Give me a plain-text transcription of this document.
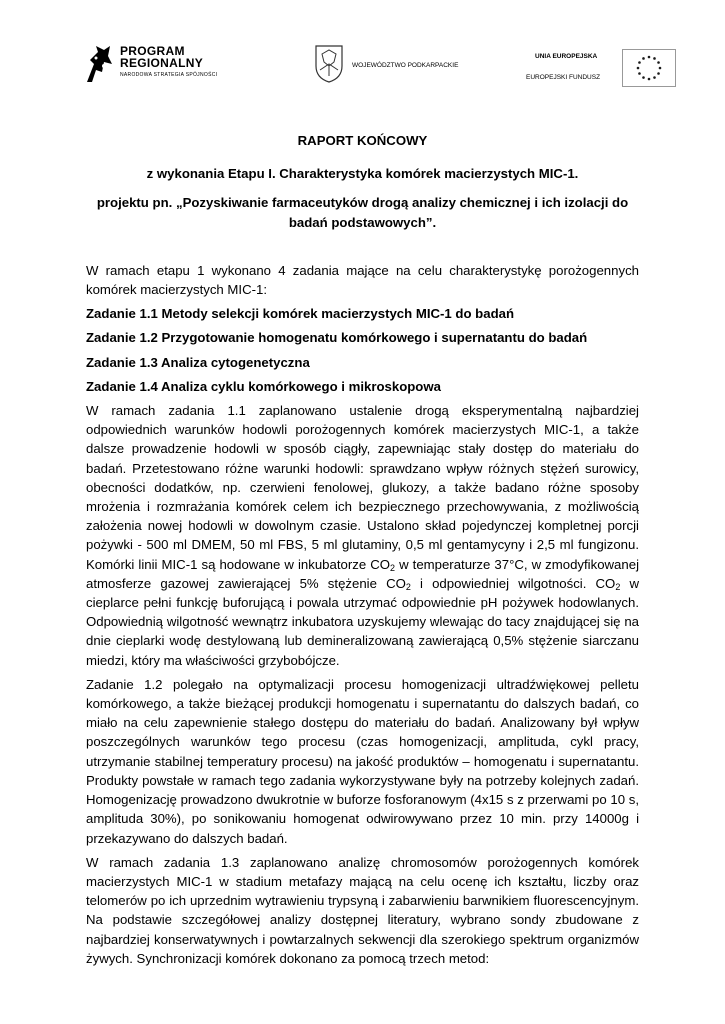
PROGRAM
REGIONALNY
NARODOWA STRATEGIA SPÓJNOŚCI
WOJEWÓDZTWO PODKARPACKIE
UNIA EUROPEJSKA
EUROPEJSKI FUNDUSZ
RAPORT KOŃCOWY
z wykonania Etapu I. Charakterystyka komórek macierzystych MIC-1.
projektu pn. „Pozyskiwanie farmaceutyków drogą analizy chemicznej i ich izolacji do badań podstawowych”.

W ramach etapu 1 wykonano 4 zadania mające na celu charakterystykę porożogennych komórek macierzystych MIC-1:

Zadanie 1.1 Metody selekcji komórek macierzystych MIC-1 do badań

Zadanie 1.2 Przygotowanie homogenatu komórkowego i supernatantu do badań

Zadanie 1.3 Analiza cytogenetyczna

Zadanie 1.4 Analiza cyklu komórkowego i mikroskopowa

W ramach zadania 1.1 zaplanowano ustalenie drogą eksperymentalną najbardziej odpowiednich warunków hodowli porożogennych komórek macierzystych MIC-1, a także dalsze prowadzenie hodowli w sposób ciągły, zapewniając stały dostęp do materiału do badań. Przetestowano różne warunki hodowli: sprawdzano wpływ różnych stężeń surowicy, obecności dodatków, np. czerwieni fenolowej, glukozy, a także badano różne sposoby mrożenia i rozmrażania komórek celem ich bezpiecznego przechowywania, z możliwością założenia nowej hodowli w dowolnym czasie. Ustalono skład pojedynczej kompletnej porcji pożywki - 500 ml DMEM, 50 ml FBS, 5 ml glutaminy, 0,5 ml gentamycyny i 2,5 ml fungizonu. Komórki linii MIC-1 są hodowane w inkubatorze $CO_2$ w temperaturze 37°C, w zmodyfikowanej atmosferze gazowej zawierającej 5% stężenie $CO_2$ i odpowiedniej wilgotności. $CO_2$ w cieplarce pełni funkcję buforującą i powala utrzymać odpowiednie pH pożywek hodowlanych. Odpowiednią wilgotność wewnątrz inkubatora uzyskujemy wlewając do tacy znajdującej się na dnie cieplarki wodę destylowaną lub demineralizowaną zawierającą 0,5% stężenie siarczanu miedzi, który ma właściwości grzybobójcze.

Zadanie 1.2 polegało na optymalizacji procesu homogenizacji ultradźwiękowej pelletu komórkowego, a także bieżącej produkcji homogenatu i supernatantu do dalszych badań, co miało na celu zapewnienie stałego dostępu do materiału do badań. Analizowany był wpływ poszczególnych warunków tego procesu (czas homogenizacji, amplituda, cykl pracy, utrzymanie stabilnej temperatury procesu) na jakość produktów – homogenatu i supernatantu. Produkty powstałe w ramach tego zadania wykorzystywane były na potrzeby kolejnych zadań. Homogenizację prowadzono dwukrotnie w buforze fosforanowym (4x15 s z przerwami po 10 s, amplituda 30%), po sonikowaniu homogenat odwirowywano przez 10 min. przy 14000g i przekazywano do dalszych badań.

W ramach zadania 1.3 zaplanowano analizę chromosomów porożogennych komórek macierzystych MIC-1 w stadium metafazy mającą na celu ocenę ich kształtu, liczby oraz telomerów po ich uprzednim wytrawieniu trypsyną i zabarwieniu barwnikiem fluorescencyjnym. Na podstawie szczegółowej analizy dostępnej literatury, wybrano sondy zbudowane z najbardziej konserwatywnych i powtarzalnych sekwencji dla szerokiego spektrum organizmów żywych. Synchronizacji komórek dokonano za pomocą trzech metod:
